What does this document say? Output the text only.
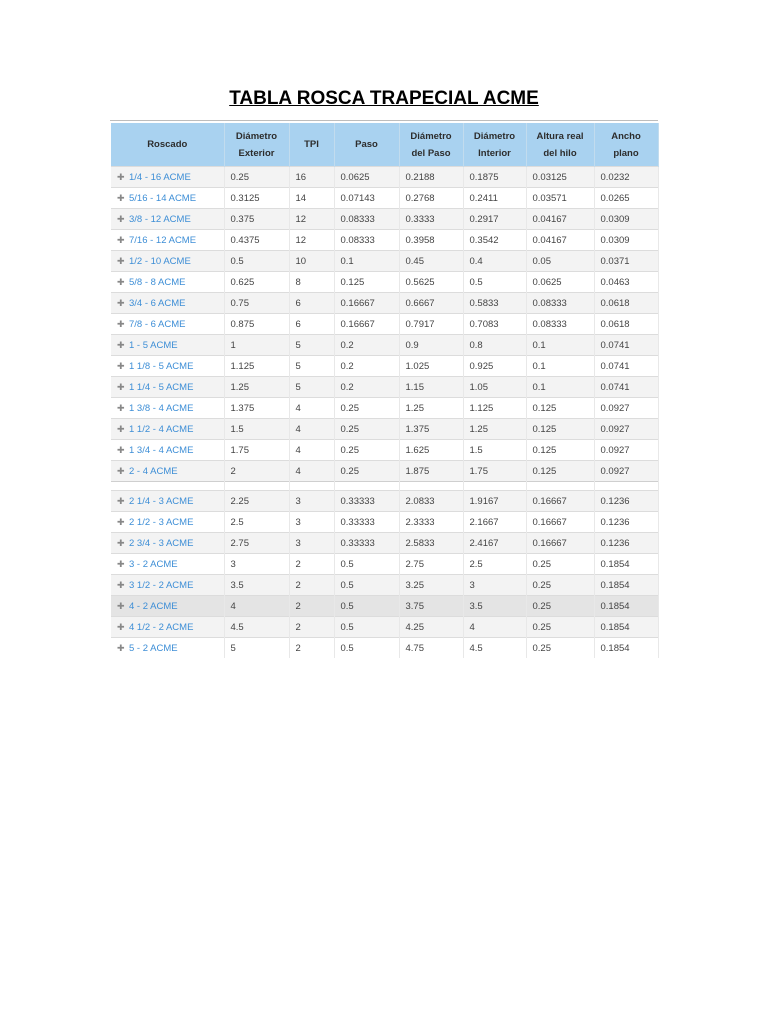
TABLA ROSCA TRAPECIAL ACME
Roscado	Diámetro Exterior	TPI	Paso	Diámetro del Paso	Diámetro Interior	Altura real del hilo	Ancho plano
✚ 1/4 - 16 ACME	0.25	16	0.0625	0.2188	0.1875	0.03125	0.0232
✚ 5/16 - 14 ACME	0.3125	14	0.07143	0.2768	0.2411	0.03571	0.0265
✚ 3/8 - 12 ACME	0.375	12	0.08333	0.3333	0.2917	0.04167	0.0309
✚ 7/16 - 12 ACME	0.4375	12	0.08333	0.3958	0.3542	0.04167	0.0309
✚ 1/2 - 10 ACME	0.5	10	0.1	0.45	0.4	0.05	0.0371
✚ 5/8 - 8 ACME	0.625	8	0.125	0.5625	0.5	0.0625	0.0463
✚ 3/4 - 6 ACME	0.75	6	0.16667	0.6667	0.5833	0.08333	0.0618
✚ 7/8 - 6 ACME	0.875	6	0.16667	0.7917	0.7083	0.08333	0.0618
✚ 1 - 5 ACME	1	5	0.2	0.9	0.8	0.1	0.0741
✚ 1 1/8 - 5 ACME	1.125	5	0.2	1.025	0.925	0.1	0.0741
✚ 1 1/4 - 5 ACME	1.25	5	0.2	1.15	1.05	0.1	0.0741
✚ 1 3/8 - 4 ACME	1.375	4	0.25	1.25	1.125	0.125	0.0927
✚ 1 1/2 - 4 ACME	1.5	4	0.25	1.375	1.25	0.125	0.0927
✚ 1 3/4 - 4 ACME	1.75	4	0.25	1.625	1.5	0.125	0.0927
✚ 2 - 4 ACME	2	4	0.25	1.875	1.75	0.125	0.0927

✚ 2 1/4 - 3 ACME	2.25	3	0.33333	2.0833	1.9167	0.16667	0.1236
✚ 2 1/2 - 3 ACME	2.5	3	0.33333	2.3333	2.1667	0.16667	0.1236
✚ 2 3/4 - 3 ACME	2.75	3	0.33333	2.5833	2.4167	0.16667	0.1236
✚ 3 - 2 ACME	3	2	0.5	2.75	2.5	0.25	0.1854
✚ 3 1/2 - 2 ACME	3.5	2	0.5	3.25	3	0.25	0.1854
✚ 4 - 2 ACME	4	2	0.5	3.75	3.5	0.25	0.1854
✚ 4 1/2 - 2 ACME	4.5	2	0.5	4.25	4	0.25	0.1854
✚ 5 - 2 ACME	5	2	0.5	4.75	4.5	0.25	0.1854
